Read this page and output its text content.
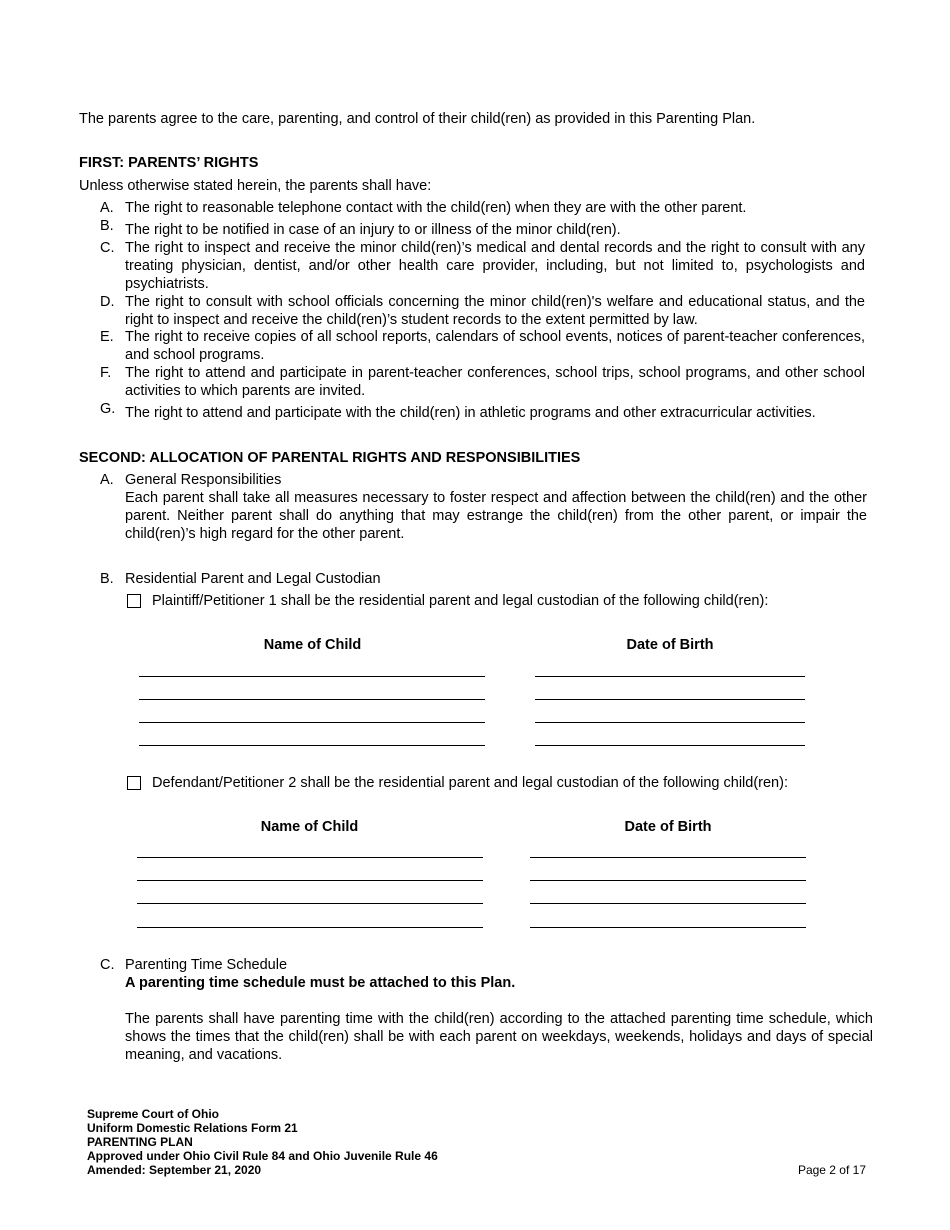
The parents agree to the care, parenting, and control of their child(ren) as provided in this Parenting Plan.
FIRST: PARENTS’ RIGHTS
Unless otherwise stated herein, the parents shall have:
A. The right to reasonable telephone contact with the child(ren) when they are with the other parent.
B. The right to be notified in case of an injury to or illness of the minor child(ren).
C. The right to inspect and receive the minor child(ren)’s medical and dental records and the right to consult with any treating physician, dentist, and/or other health care provider, including, but not limited to, psychologists and psychiatrists.
D. The right to consult with school officials concerning the minor child(ren)'s welfare and educational status, and the right to inspect and receive the child(ren)’s student records to the extent permitted by law.
E. The right to receive copies of all school reports, calendars of school events, notices of parent-teacher conferences, and school programs.
F. The right to attend and participate in parent-teacher conferences, school trips, school programs, and other school activities to which parents are invited.
G. The right to attend and participate with the child(ren) in athletic programs and other extracurricular activities.
SECOND: ALLOCATION OF PARENTAL RIGHTS AND RESPONSIBILITIES
A. General Responsibilities
Each parent shall take all measures necessary to foster respect and affection between the child(ren) and the other parent. Neither parent shall do anything that may estrange the child(ren) from the other parent, or impair the child(ren)’s high regard for the other parent.
B. Residential Parent and Legal Custodian
Plaintiff/Petitioner 1 shall be the residential parent and legal custodian of the following child(ren):
Name of Child	Date of Birth
Defendant/Petitioner 2 shall be the residential parent and legal custodian of the following child(ren):
Name of Child	Date of Birth
C. Parenting Time Schedule
A parenting time schedule must be attached to this Plan.
The parents shall have parenting time with the child(ren) according to the attached parenting time schedule, which shows the times that the child(ren) shall be with each parent on weekdays, weekends, holidays and days of special meaning, and vacations.
Supreme Court of Ohio
Uniform Domestic Relations Form 21
PARENTING PLAN
Approved under Ohio Civil Rule 84 and Ohio Juvenile Rule 46
Amended: September 21, 2020	Page 2 of 17
